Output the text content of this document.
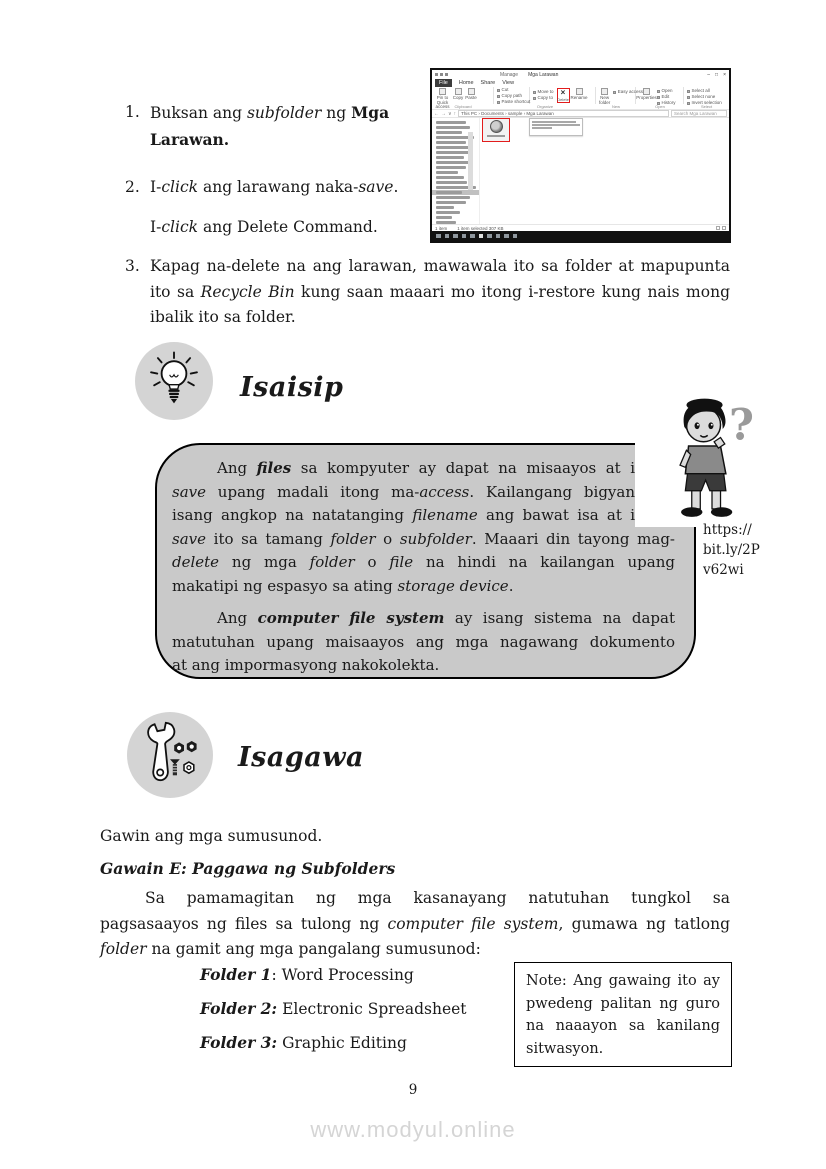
1. Buksan ang subfolder ng Mga
Larawan.
2. I-click ang larawang naka-save.
I-click ang Delete Command.
3. Kapag na-delete na ang larawan, mawawala ito sa folder at mapupunta
ito sa Recycle Bin kung saan maaari mo itong i-restore kung nais mong
ibalik ito sa folder.
Manage Mga Larawan	– □ ×
File	Home Share View
Pin to Quick access
Copy Paste
Cut
Copy path
Paste shortcut
Move to
Copy to
×
Delete Rename	New folder
Easy access
Properties
Open
Edit
History
Select all
Select none
Invert selection
Clipboard	Organize	New	Open	Select
← → ∨ ↑	This PC › Documents › sample › Mga Larawan	Search Mga Larawan
1 item 1 item selected 307 KB
Isaisip
Ang files sa kompyuter ay dapat na misaayos at i
save upang madali itong ma-access. Kailangang bigyan
isang angkop na natatanging filename ang bawat isa at i
save ito sa tamang folder o subfolder. Maaari din tayong mag-
delete ng mga folder o file na hindi na kailangan upang
makatipi ng espasyo sa ating storage device.
Ang computer file system ay isang sistema na dapat
matutuhan upang maisaayos ang mga nagawang dokumento
at ang impormasyong nakokolekta.
?
https://
bit.ly/2P
v62wi
Isagawa
Gawin ang mga sumusunod.
Gawain E: Paggawa ng Subfolders
Sa pamamagitan ng mga kasanayang natutuhan tungkol sa
pagsasaayos ng files sa tulong ng computer file system, gumawa ng tatlong
folder na gamit ang mga pangalang sumusunod:
Folder 1: Word Processing
Folder 2: Electronic Spreadsheet
Folder 3: Graphic Editing
Note: Ang gawaing ito ay
pwedeng palitan ng guro
na naaayon sa kanilang
sitwasyon.
9
www.modyul.online
